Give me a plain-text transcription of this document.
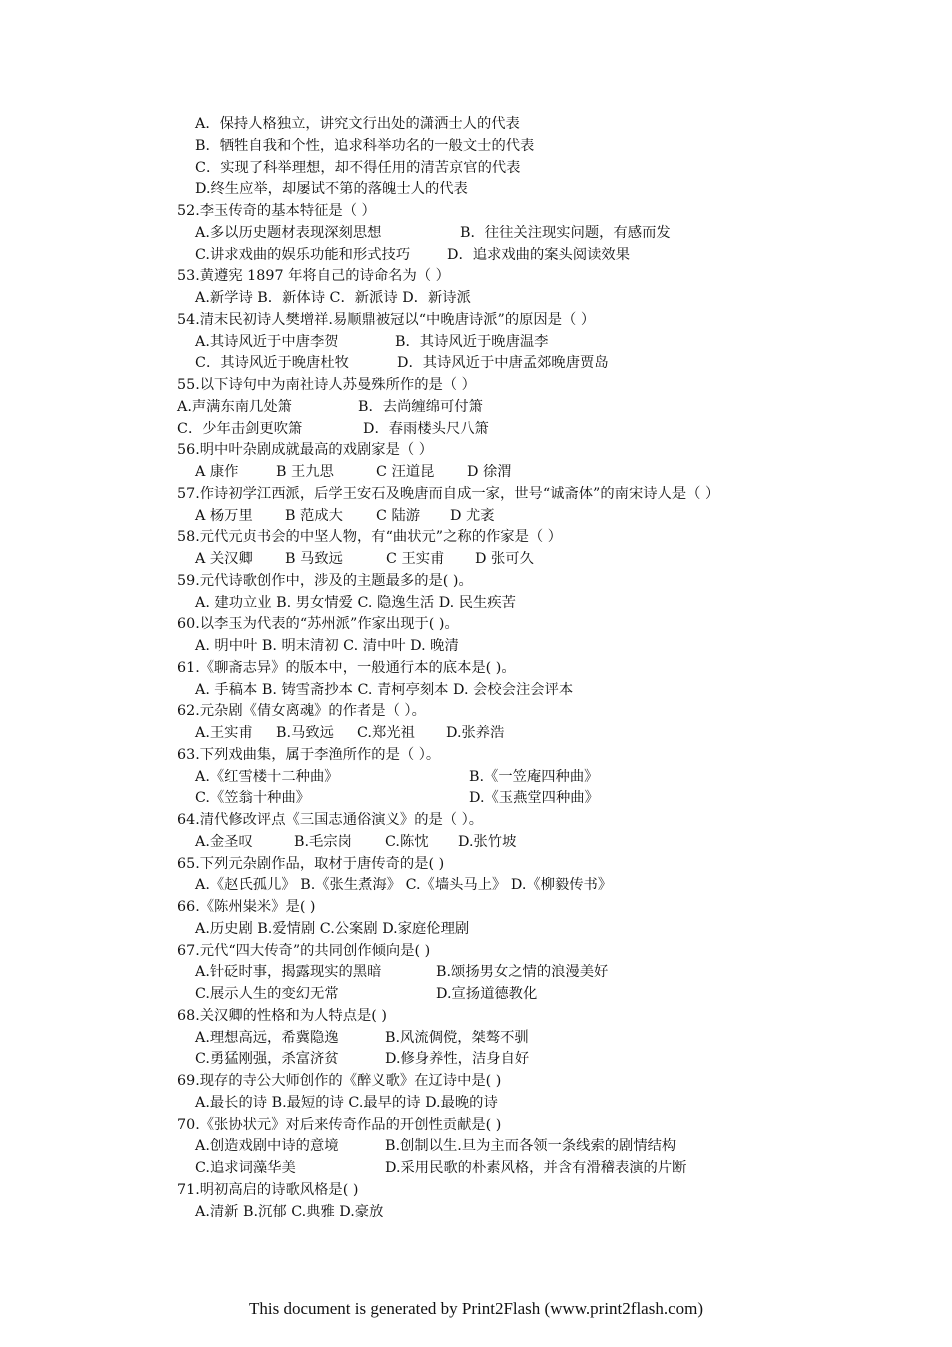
A．保持人格独立，讲究文行出处的潇洒士人的代表
B．牺牲自我和个性，追求科举功名的一般文士的代表
C．实现了科举理想，却不得任用的清苦京官的代表
D.终生应举，却屡试不第的落魄士人的代表
52.李玉传奇的基本特征是（ ）
A.多以历史题材表现深刻思想	B．往往关注现实问题，有感而发
C.讲求戏曲的娱乐功能和形式技巧	D．追求戏曲的案头阅读效果
53.黄遵宪 1897 年将自己的诗命名为（ ）
A.新学诗 B．新体诗 C．新派诗 D．新诗派
54.清末民初诗人樊增祥.易顺鼎被冠以“中晚唐诗派”的原因是（ ）
A.其诗风近于中唐李贺	B．其诗风近于晚唐温李
C．其诗风近于晚唐杜牧	D．其诗风近于中唐孟郊晚唐贾岛
55.以下诗句中为南社诗人苏曼殊所作的是（ ）
A.声满东南几处箫	B．去尚缠绵可付箫
C．少年击剑更吹箫	D．春雨楼头尺八箫
56.明中叶杂剧成就最高的戏剧家是（ ）
A 康作	B 王九思	C 汪道昆 D 徐渭
57.作诗初学江西派，后学王安石及晚唐而自成一家，世号“诚斋体”的南宋诗人是（ ）
A 杨万里 B 范成大 C 陆游 D 尤袤
58.元代元贞书会的中坚人物，有“曲状元”之称的作家是（ ）
A 关汉卿 B 马致远	C 王实甫 D 张可久
59.元代诗歌创作中，涉及的主题最多的是( )。
A. 建功立业 B. 男女情爱 C. 隐逸生活 D. 民生疾苦
60.以李玉为代表的“苏州派”作家出现于( )。
A. 明中叶 B. 明末清初 C. 清中叶 D. 晚清
61.《聊斋志异》的版本中，一般通行本的底本是( )。
A. 手稿本 B. 铸雪斋抄本 C. 青柯亭刻本 D. 会校会注会评本
62.元杂剧《倩女离魂》的作者是（ ）。
A.王实甫 B.马致远 C.郑光祖 D.张养浩
63.下列戏曲集，属于李渔所作的是（ ）。
A.《红雪楼十二种曲》	B.《一笠庵四种曲》
C.《笠翁十种曲》	D.《玉燕堂四种曲》
64.清代修改评点《三国志通俗演义》的是（ ）。
A.金圣叹	B.毛宗岗 C.陈忱 D.张竹坡
65.下列元杂剧作品，取材于唐传奇的是( )
A.《赵氏孤儿》 B.《张生煮海》 C.《墙头马上》 D.《柳毅传书》
66.《陈州粜米》是( )
A.历史剧 B.爱情剧 C.公案剧 D.家庭伦理剧
67.元代“四大传奇”的共同创作倾向是( )
A.针砭时事，揭露现实的黑暗	B.颂扬男女之情的浪漫美好
C.展示人生的变幻无常	D.宣扬道德教化
68.关汉卿的性格和为人特点是( )
A.理想高远，希冀隐逸	B.风流倜傥，桀骜不驯
C.勇猛刚强，杀富济贫	D.修身养性，洁身自好
69.现存的寺公大师创作的《醉义歌》在辽诗中是( )
A.最长的诗 B.最短的诗 C.最早的诗 D.最晚的诗
70.《张协状元》对后来传奇作品的开创性贡献是( )
A.创造戏剧中诗的意境	B.创制以生.旦为主而各领一条线索的剧情结构
C.追求词藻华美	D.采用民歌的朴素风格，并含有滑稽表演的片断
71.明初高启的诗歌风格是( )
A.清新 B.沉郁 C.典雅 D.豪放
This document is generated by Print2Flash (www.print2flash.com)
